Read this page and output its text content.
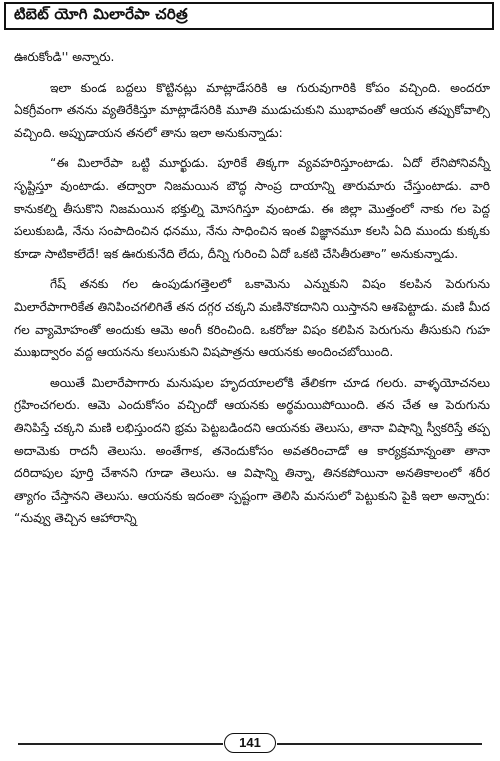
టిబెట్ యోగి మిలారేపా చరిత్ర

ఊరుకోండి'' అన్నారు.

ఇలా కుండ బద్దలు కొట్టినట్లు మాట్లాడేసరికి ఆ గురువుగారికి కోపం వచ్చింది. అందరూ ఏకగ్రీవంగా తనను వ్యతిరేకిస్తూ మాట్లాడేసరికి మూతి ముడుచుకుని ముభావంతో ఆయన తప్పుకోవాల్సి వచ్చింది. అప్పుడాయన తనలో తాను ఇలా అనుకున్నాడు:

“ఈ మిలారేపా ఒట్టి మూర్ఖుడు. పూరికే తిక్కగా వ్యవహరిస్తూంటాడు. ఏదో లేనిపోనివన్నీ సృష్టిస్తూ వుంటాడు. తద్వారా నిజమయిన బౌద్ధ సాంప్ర దాయాన్ని తారుమారు చేస్తుంటాడు. వారి కానుకల్ని తీసుకొని నిజమయిన భక్తుల్ని మోసగిస్తూ వుంటాడు. ఈ జిల్లా మొత్తంలో నాకు గల పెద్ద పలుకుబడి, నేను సంపాదించిన ధనము, నేను సాధించిన ఇంత విజ్ఞానమూ కలసి ఏది ముందు కుక్కకు కూడా సాటికాలేదే! ఇక ఊరుకునేది లేదు, దీన్ని గురించి ఏదో ఒకటి చేసితీరుతాం” అనుకున్నాడు.

గేష్ తనకు గల ఉంపుడుగత్తెలలో ఒకామెను ఎన్నుకుని విషం కలపిన పెరుగును మిలారేపాగారికేత తినిపించగలిగితే తన దగ్గర చక్కని మణినొకదానిని యిస్తానని ఆశపెట్టాడు. మణి మీద గల వ్యామోహంతో అందుకు ఆమె అంగీ కరించింది. ఒకరోజు విషం కలిపిన పెరుగును తీసుకుని గుహ ముఖద్వారం వద్ద ఆయనను కలుసుకుని విషపాత్రను ఆయనకు అందించబోయింది.

అయితే మిలారేపాగారు మనుషుల హృదయాలలోకి తేలికగా చూడ గలరు. వాళ్ళయోచనలు గ్రహించగలరు. ఆమె ఎందుకోసం వచ్చిందో ఆయనకు అర్థమయిపోయింది. తన చేత ఆ పెరుగును తినిపిస్తే చక్కని మణి లభిస్తుందని భ్రమ పెట్టబడిందని ఆయనకు తెలుసు, తానా విషాన్ని స్వీకరిస్తే తప్ప అదామెకు రాదనీ తెలుసు. అంతేగాక, తనెందుకోసం అవతరించాడో ఆ కార్యక్రమాన్నంతా తానా దరిదాపుల పూర్తి చేశానని గూడా తెలుసు. ఆ విషాన్ని తిన్నా, తినకపోయినా అనతికాలంలో శరీర త్యాగం చేస్తానని తెలుసు. ఆయనకు ఇదంతా స్పష్టంగా తెలిసి మనసులో పెట్టుకుని పైకి ఇలా అన్నారు: “నువ్వు తెచ్చిన ఆహారాన్ని

141
